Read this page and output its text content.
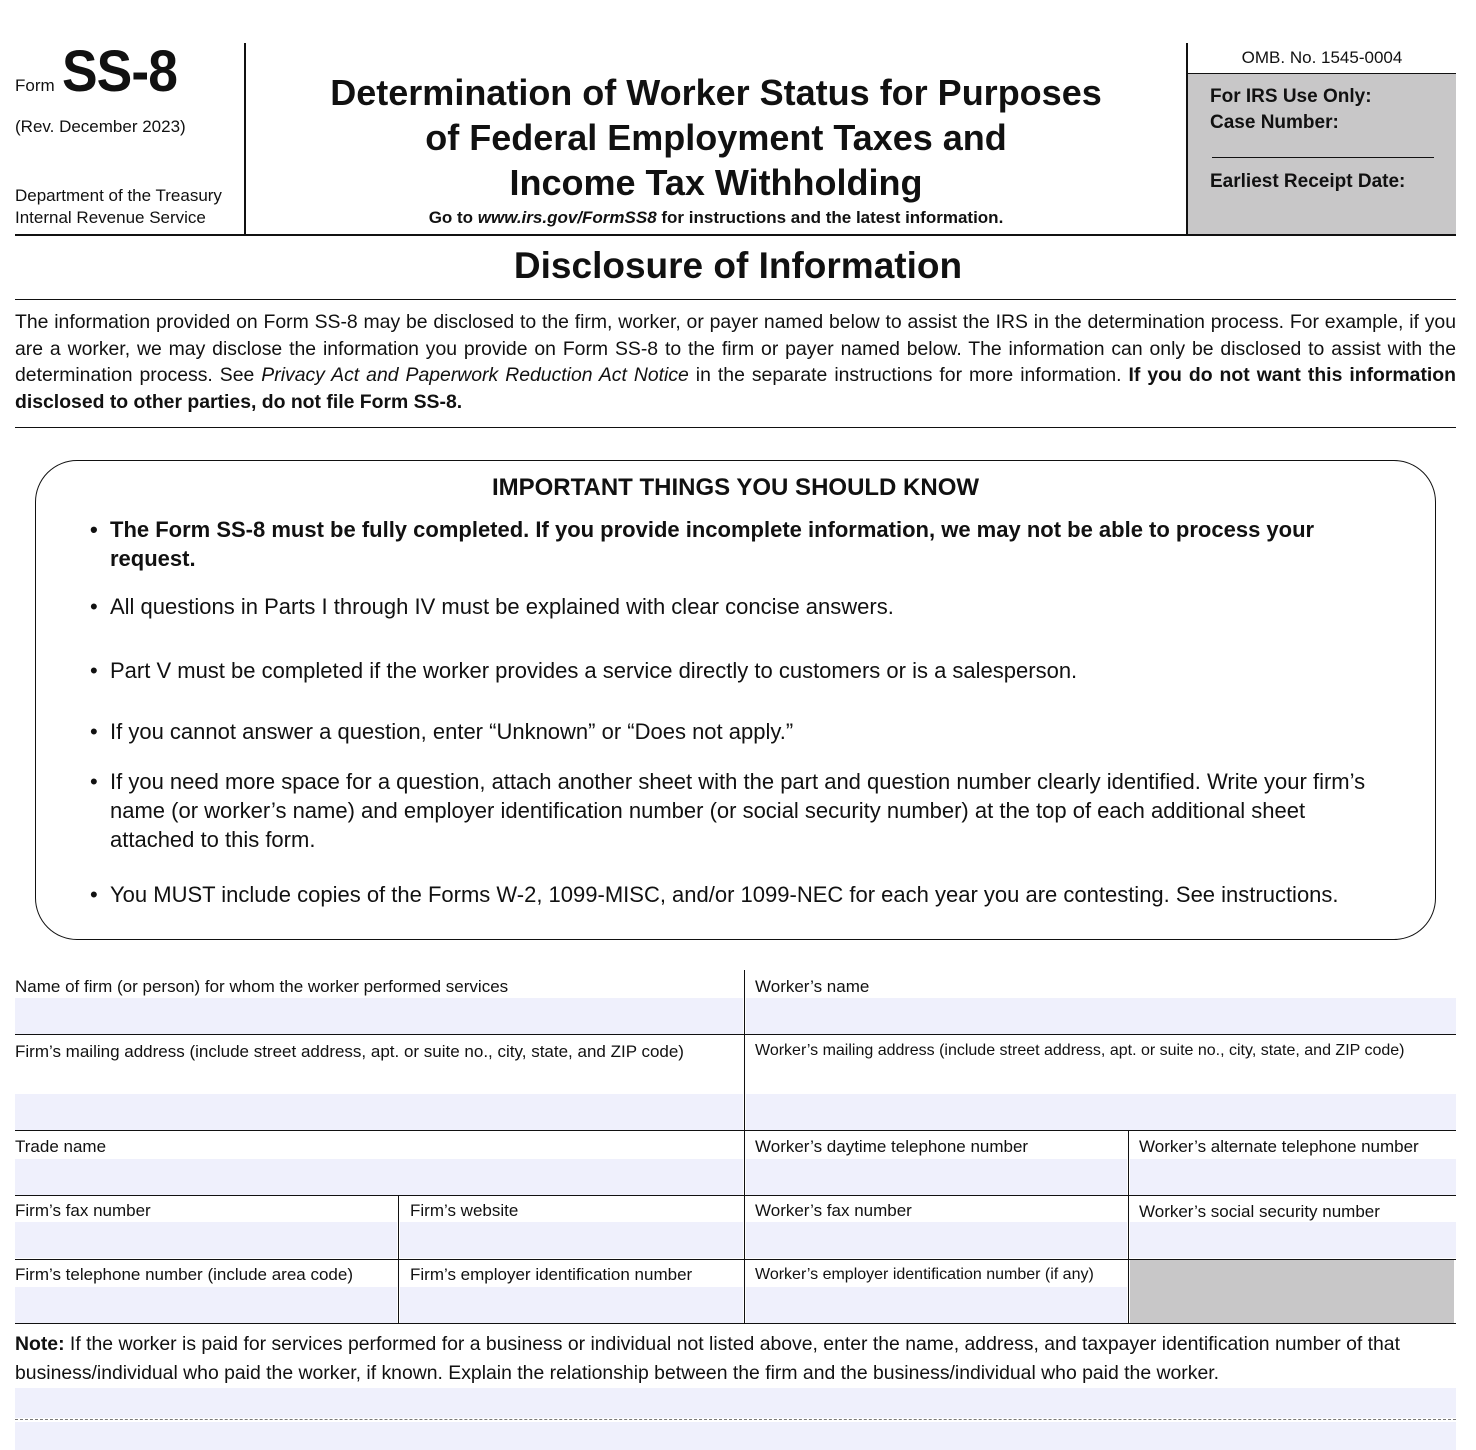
Form SS-8
(Rev. December 2023)
Department of the Treasury
Internal Revenue Service
Determination of Worker Status for Purposes
of Federal Employment Taxes and
Income Tax Withholding
Go to www.irs.gov/FormSS8 for instructions and the latest information.
OMB. No. 1545-0004
For IRS Use Only:
Case Number:
Earliest Receipt Date:
Disclosure of Information
The information provided on Form SS-8 may be disclosed to the firm, worker, or payer named below to assist the IRS in the determination process. For example, if you are a worker, we may disclose the information you provide on Form SS-8 to the firm or payer named below. The information can only be disclosed to assist with the determination process. See Privacy Act and Paperwork Reduction Act Notice in the separate instructions for more information. If you do not want this information disclosed to other parties, do not file Form SS-8.
IMPORTANT THINGS YOU SHOULD KNOW
• The Form SS-8 must be fully completed. If you provide incomplete information, we may not be able to process your request.
• All questions in Parts I through IV must be explained with clear concise answers.
• Part V must be completed if the worker provides a service directly to customers or is a salesperson.
• If you cannot answer a question, enter “Unknown” or “Does not apply.”
• If you need more space for a question, attach another sheet with the part and question number clearly identified. Write your firm’s name (or worker’s name) and employer identification number (or social security number) at the top of each additional sheet attached to this form.
• You MUST include copies of the Forms W-2, 1099-MISC, and/or 1099-NEC for each year you are contesting. See instructions.
Name of firm (or person) for whom the worker performed services	Worker’s name
Firm’s mailing address (include street address, apt. or suite no., city, state, and ZIP code)	Worker’s mailing address (include street address, apt. or suite no., city, state, and ZIP code)
Trade name	Worker’s daytime telephone number	Worker’s alternate telephone number
Firm’s fax number	Firm’s website	Worker’s fax number	Worker’s social security number
Firm’s telephone number (include area code)	Firm’s employer identification number	Worker’s employer identification number (if any)
Note: If the worker is paid for services performed for a business or individual not listed above, enter the name, address, and taxpayer identification number of that business/individual who paid the worker, if known. Explain the relationship between the firm and the business/individual who paid the worker.
